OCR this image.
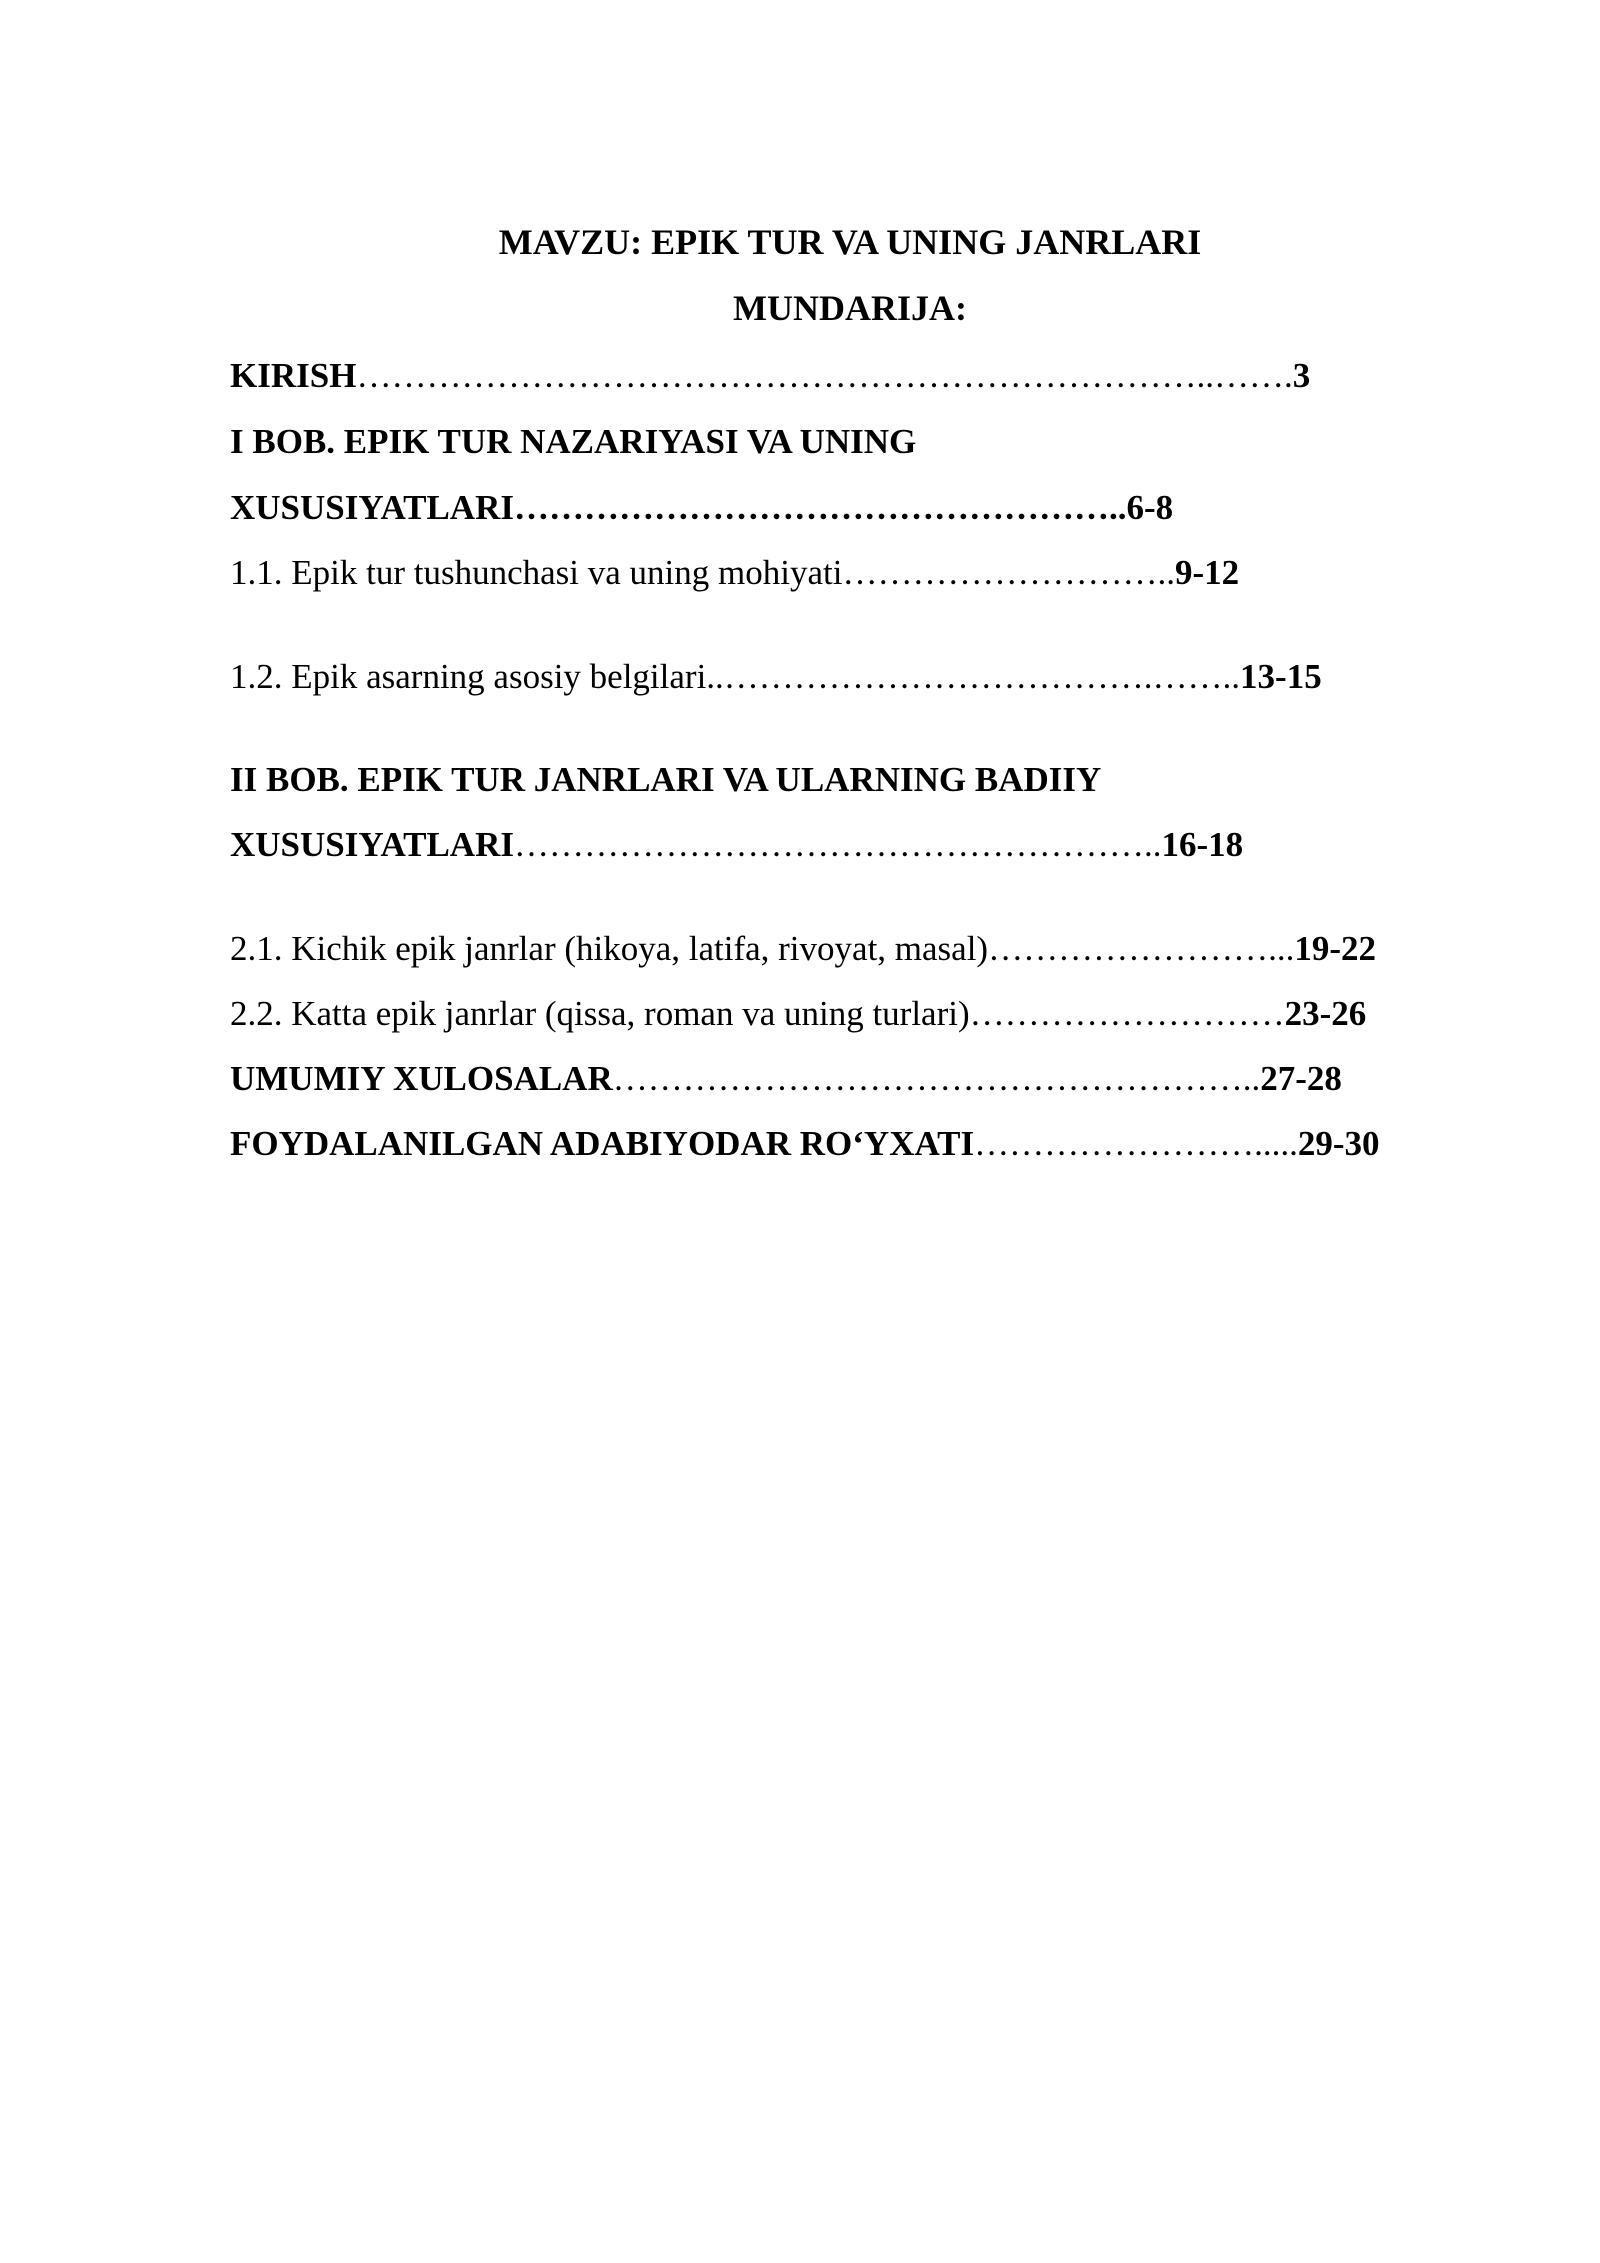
MAVZU: EPIK TUR VA UNING JANRLARI
MUNDARIJA:
KIRISH………………………………………………………………..…….3
I BOB. EPIK TUR NAZARIYASI VA UNING
XUSUSIYATLARI……………………………………………..6-8
1.1. Epik tur tushunchasi va uning mohiyati………………………..9-12
1.2. Epik asarning asosiy belgilari..……………………………….……..13-15
II BOB. EPIK TUR JANRLARI VA ULARNING BADIIY
XUSUSIYATLARI………………………………………………..16-18
2.1. Kichik epik janrlar (hikoya, latifa, rivoyat, masal)……………………...19-22
2.2. Katta epik janrlar (qissa, roman va uning turlari)………………………23-26
UMUMIY XULOSALAR………………………………………………..27-28
FOYDALANILGAN ADABIYODAR RO‘YXATI…………………….....29-30
